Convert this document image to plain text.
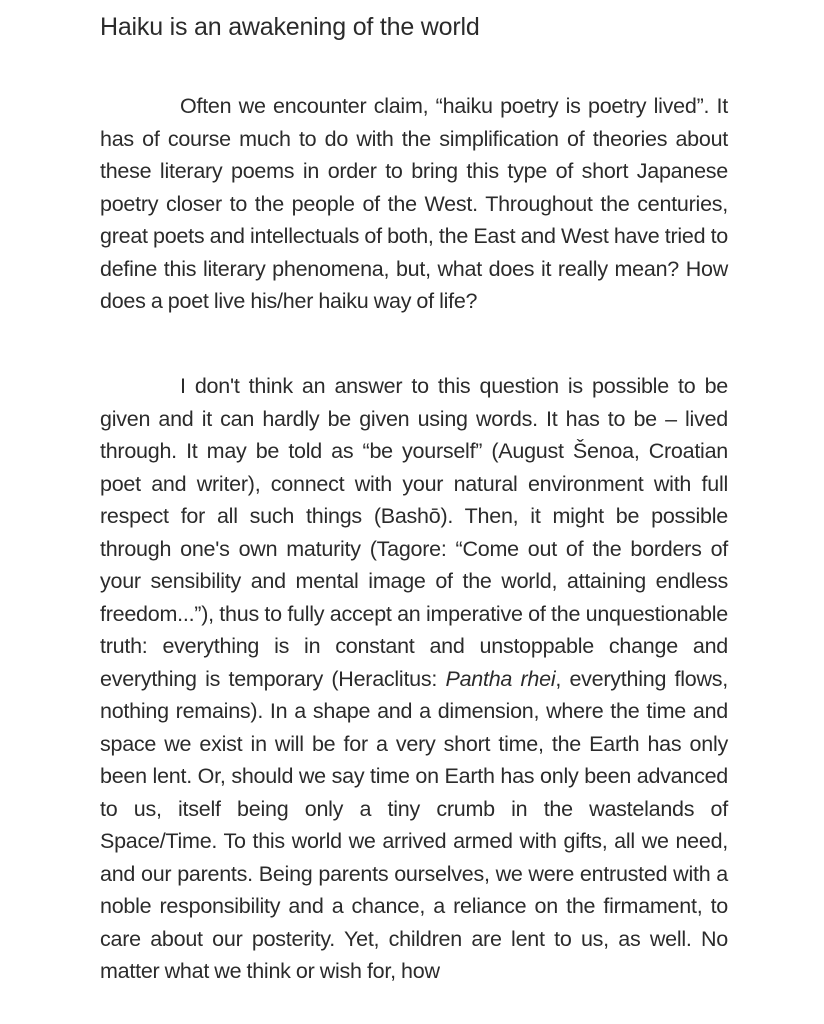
Haiku is an awakening of the world

Often we encounter claim, “haiku poetry is poetry lived”. It has of course much to do with the simplification of theories about these literary poems in order to bring this type of short Japanese poetry closer to the people of the West. Throughout the centuries, great poets and intellectuals of both, the East and West have tried to define this literary phenomena, but, what does it really mean? How does a poet live his/her haiku way of life?

I don't think an answer to this question is possible to be given and it can hardly be given using words. It has to be – lived through. It may be told as “be yourself” (August Šenoa, Croatian poet and writer), connect with your natural environment with full respect for all such things (Bashō). Then, it might be possible through one's own maturity (Tagore: “Come out of the borders of your sensibility and mental image of the world, attaining endless freedom...”), thus to fully accept an imperative of the unquestionable truth: everything is in constant and unstoppable change and everything is temporary (Heraclitus: Pantha rhei, everything flows, nothing remains). In a shape and a dimension, where the time and space we exist in will be for a very short time, the Earth has only been lent. Or, should we say time on Earth has only been advanced to us, itself being only a tiny crumb in the wastelands of Space/Time. To this world we arrived armed with gifts, all we need, and our parents. Being parents ourselves, we were entrusted with a noble responsibility and a chance, a reliance on the firmament, to care about our posterity. Yet, children are lent to us, as well. No matter what we think or wish for, how
